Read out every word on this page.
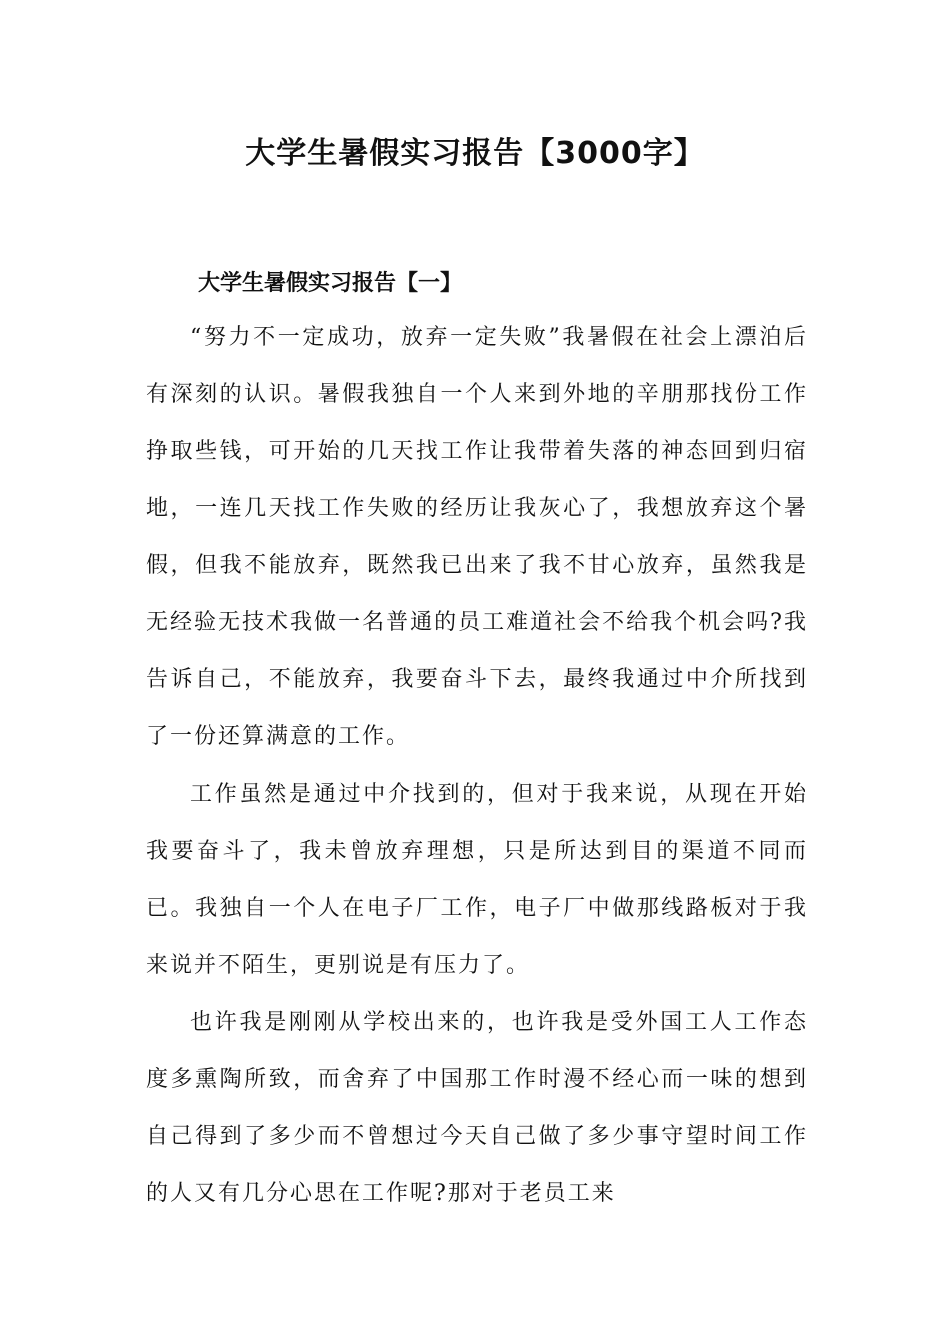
大学生暑假实习报告【3000字】
大学生暑假实习报告【一】

“努力不一定成功，放弃一定失败”我暑假在社会上漂泊后有深刻的认识。暑假我独自一个人来到外地的辛朋那找份工作挣取些钱，可开始的几天找工作让我带着失落的神态回到归宿地，一连几天找工作失败的经历让我灰心了，我想放弃这个暑假，但我不能放弃，既然我已出来了我不甘心放弃，虽然我是无经验无技术我做一名普通的员工难道社会不给我个机会吗?我告诉自己，不能放弃，我要奋斗下去，最终我通过中介所找到了一份还算满意的工作。

工作虽然是通过中介找到的，但对于我来说，从现在开始我要奋斗了，我未曾放弃理想，只是所达到目的渠道不同而已。我独自一个人在电子厂工作，电子厂中做那线路板对于我来说并不陌生，更别说是有压力了。

也许我是刚刚从学校出来的，也许我是受外国工人工作态度多熏陶所致，而舍弃了中国那工作时漫不经心而一味的想到自己得到了多少而不曾想过今天自己做了多少事守望时间工作的人又有几分心思在工作呢?那对于老员工来
